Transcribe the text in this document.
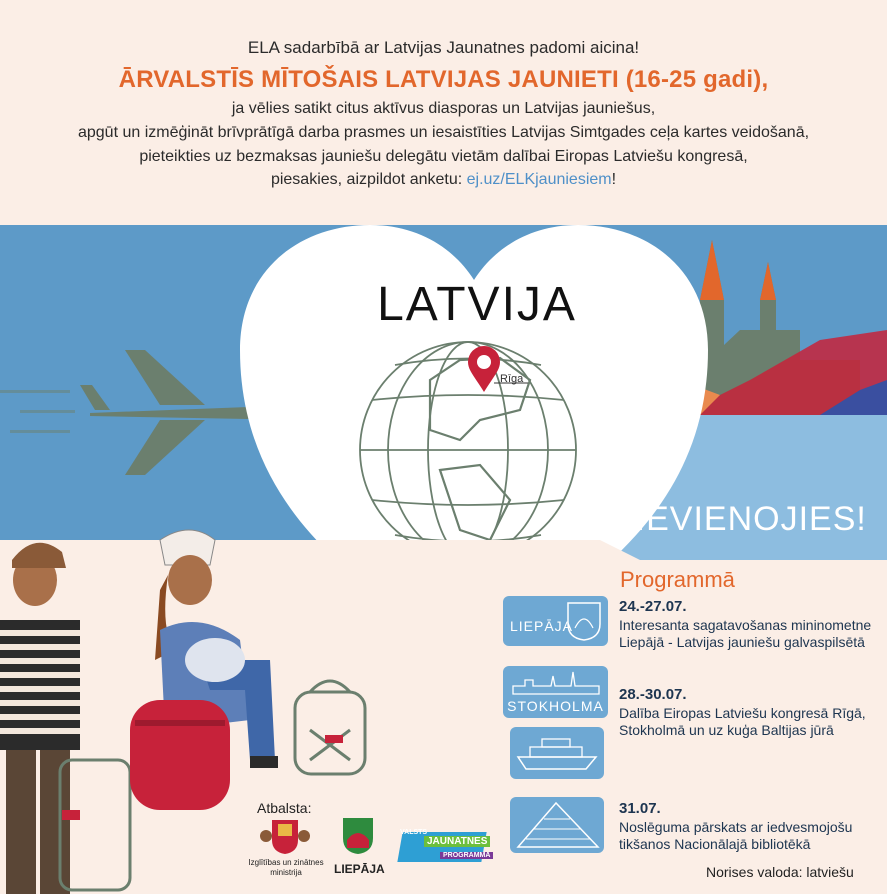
ELA sadarbībā ar Latvijas Jaunatnes padomi aicina!
ĀRVALSTĪS MĪTOŠAIS LATVIJAS JAUNIETI (16-25 gadi),
ja vēlies satikt citus aktīvus diasporas un Latvijas jauniešus,
apgūt un izmēģināt brīvprātīgā darba prasmes un iesaistīties Latvijas Simtgades ceļa kartes veidošanā,
pieteikties uz bezmaksas jauniešu delegātu vietām dalībai Eiropas Latviešu kongresā,
piesakies, aizpildot anketu: ej.uz/ELKjauniesiem!
LATVIJA
Rīga
PIEVIENOJIES!
Programmā
LIEPĀJA
24.-27.07.
Interesanta sagatavošanas mininometne
Liepājā - Latvijas jauniešu galvaspilsētā
STOKHOLMA
28.-30.07.
Dalība Eiropas Latviešu kongresā Rīgā,
Stokholmā un uz kuģa Baltijas jūrā
31.07.
Noslēguma pārskats ar iedvesmojošu
tikšanos Nacionālajā bibliotēkā
Atbalsta:
Izglītības un zinātnes
ministrija	LIEPĀJA
VALSTS
JAUNATNES
PROGRAMMA
Norises valoda: latviešu
